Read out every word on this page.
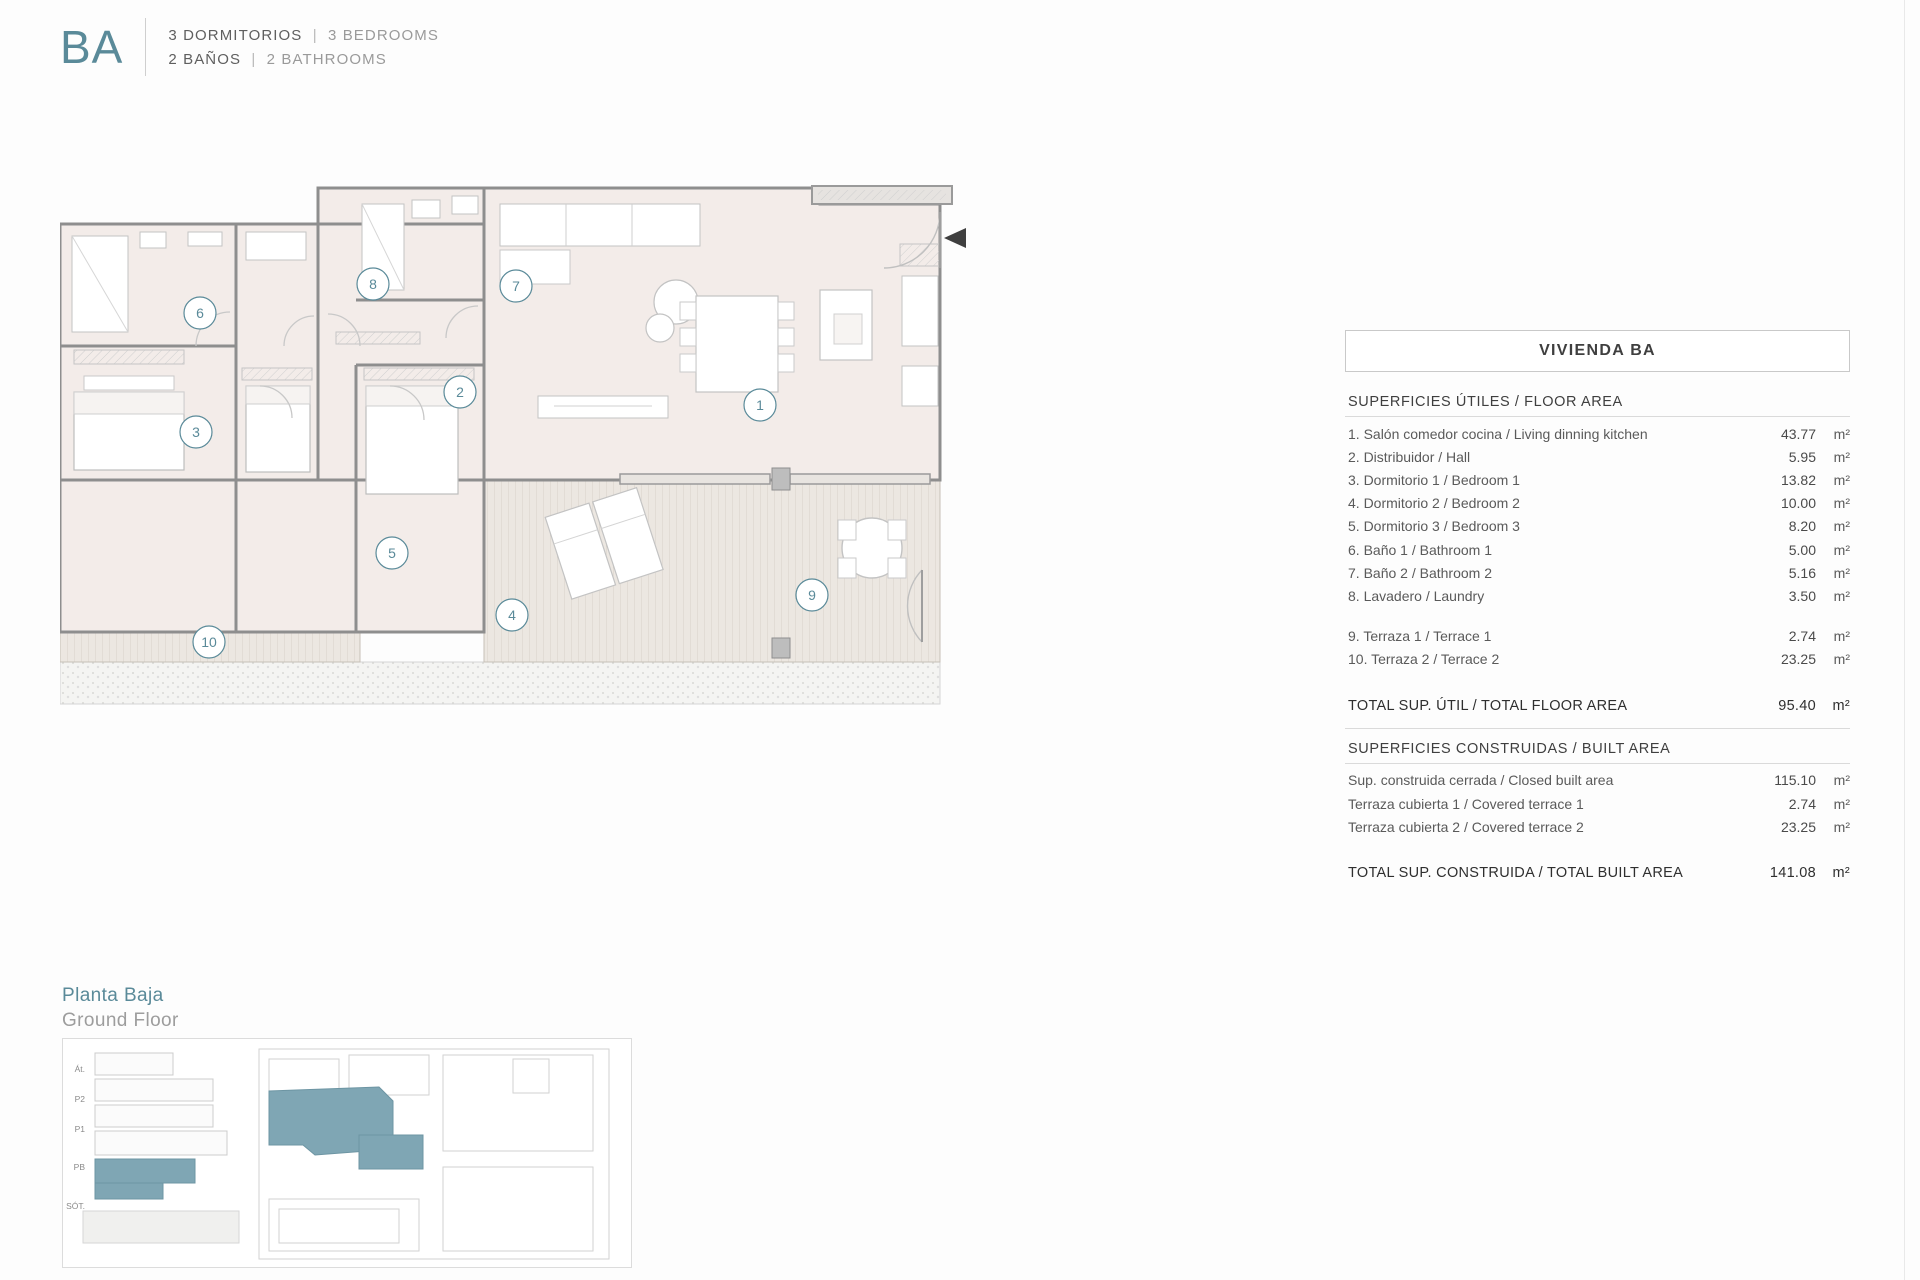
BA	3 DORMITORIOS | 3 BEDROOMS
2 BAÑOS | 2 BATHROOMS
1
2
3
4
5
6
7
8
9
10
Planta Baja
Ground Floor
Át.
P2
P1
PB
SÓT.
VIVIENDA BA
SUPERFICIES ÚTILES / FLOOR AREA
1. Salón comedor cocina / Living dinning kitchen	43.77	m²
2. Distribuidor / Hall	5.95	m²
3. Dormitorio 1 / Bedroom 1	13.82	m²
4. Dormitorio 2 / Bedroom 2	10.00	m²
5. Dormitorio 3 / Bedroom 3	8.20	m²
6. Baño 1 / Bathroom 1	5.00	m²
7. Baño 2 / Bathroom 2	5.16	m²
8. Lavadero / Laundry	3.50	m²
9. Terraza 1 / Terrace 1	2.74	m²
10. Terraza 2 / Terrace 2	23.25	m²
TOTAL SUP. ÚTIL / TOTAL FLOOR AREA	95.40	m²
SUPERFICIES CONSTRUIDAS / BUILT AREA
Sup. construida cerrada / Closed built area	115.10	m²
Terraza cubierta 1 / Covered terrace 1	2.74	m²
Terraza cubierta 2 / Covered terrace 2	23.25	m²
TOTAL SUP. CONSTRUIDA / TOTAL BUILT AREA	141.08	m²
